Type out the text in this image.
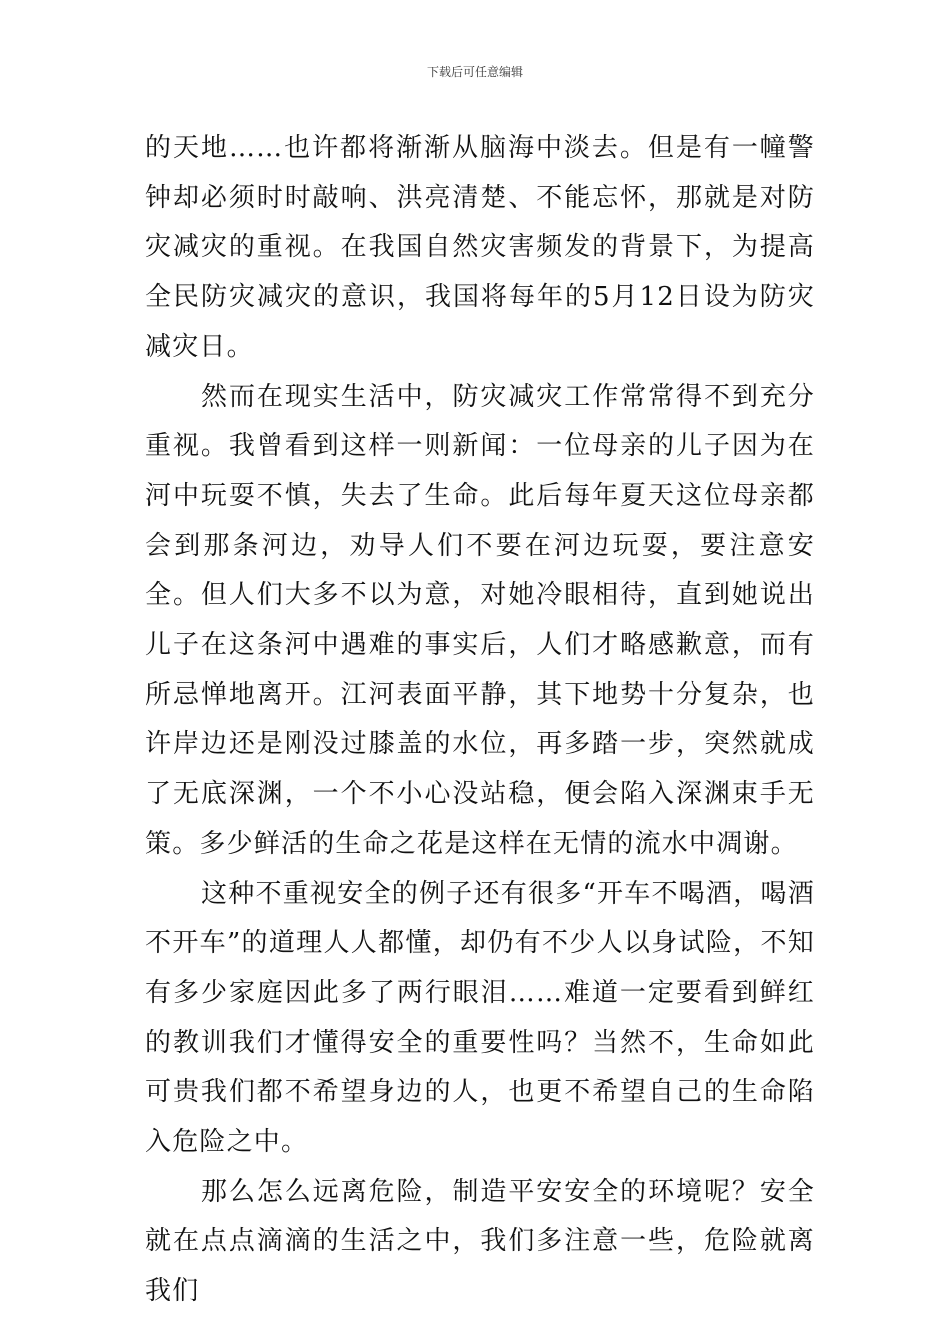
下载后可任意编辑

的天地……也许都将渐渐从脑海中淡去。但是有一幢警钟却必须时时敲响、洪亮清楚、不能忘怀，那就是对防灾减灾的重视。在我国自然灾害频发的背景下，为提高全民防灾减灾的意识，我国将每年的5月12日设为防灾减灾日。

然而在现实生活中，防灾减灾工作常常得不到充分重视。我曾看到这样一则新闻：一位母亲的儿子因为在河中玩耍不慎，失去了生命。此后每年夏天这位母亲都会到那条河边，劝导人们不要在河边玩耍，要注意安全。但人们大多不以为意，对她冷眼相待，直到她说出儿子在这条河中遇难的事实后，人们才略感歉意，而有所忌惮地离开。江河表面平静，其下地势十分复杂，也许岸边还是刚没过膝盖的水位，再多踏一步，突然就成了无底深渊，一个不小心没站稳，便会陷入深渊束手无策。多少鲜活的生命之花是这样在无情的流水中凋谢。

这种不重视安全的例子还有很多“开车不喝酒，喝酒不开车”的道理人人都懂，却仍有不少人以身试险，不知有多少家庭因此多了两行眼泪……难道一定要看到鲜红的教训我们才懂得安全的重要性吗？当然不，生命如此可贵我们都不希望身边的人，也更不希望自己的生命陷入危险之中。

那么怎么远离危险，制造平安安全的环境呢？安全就在点点滴滴的生活之中，我们多注意一些，危险就离我们
